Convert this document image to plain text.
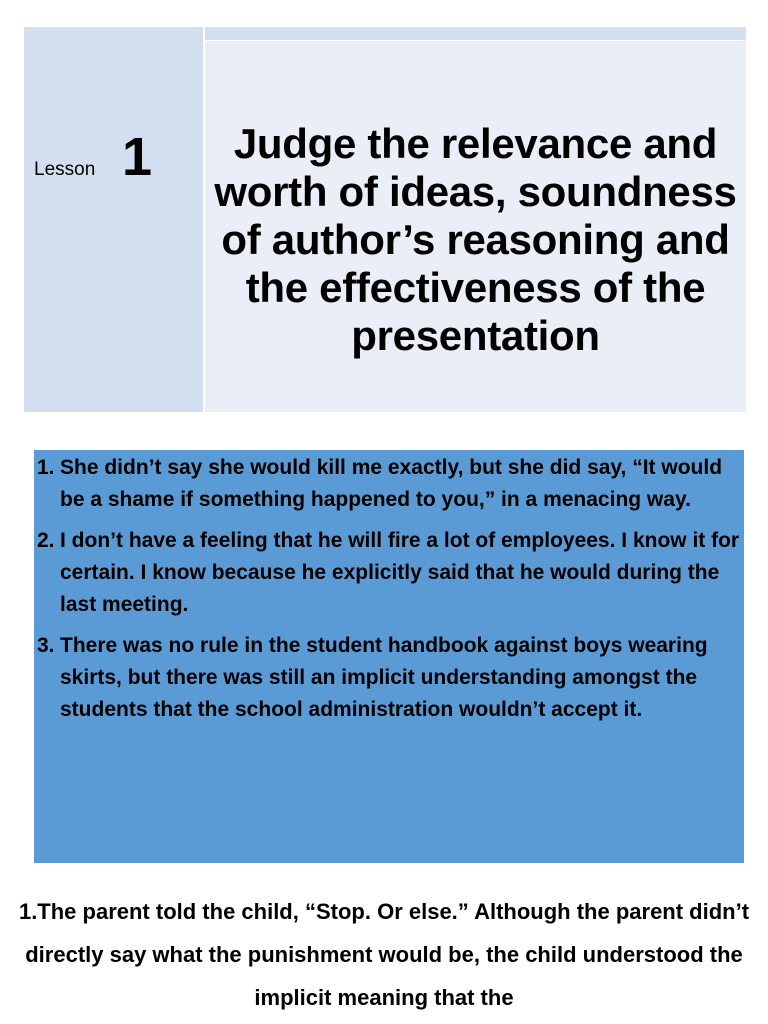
Lesson 1	Judge the relevance and worth of ideas, soundness of author’s reasoning and the effectiveness of the presentation
1. She didn’t say she would kill me exactly, but she did say, “It would be a shame if something happened to you,” in a menacing way.
2. I don’t have a feeling that he will fire a lot of employees. I know it for certain. I know because he explicitly said that he would during the last meeting.
3. There was no rule in the student handbook against boys wearing skirts, but there was still an implicit understanding amongst the students that the school administration wouldn’t accept it.
1.The parent told the child, “Stop. Or else.” Although the parent didn’t directly say what the punishment would be, the child understood the implicit meaning that the
